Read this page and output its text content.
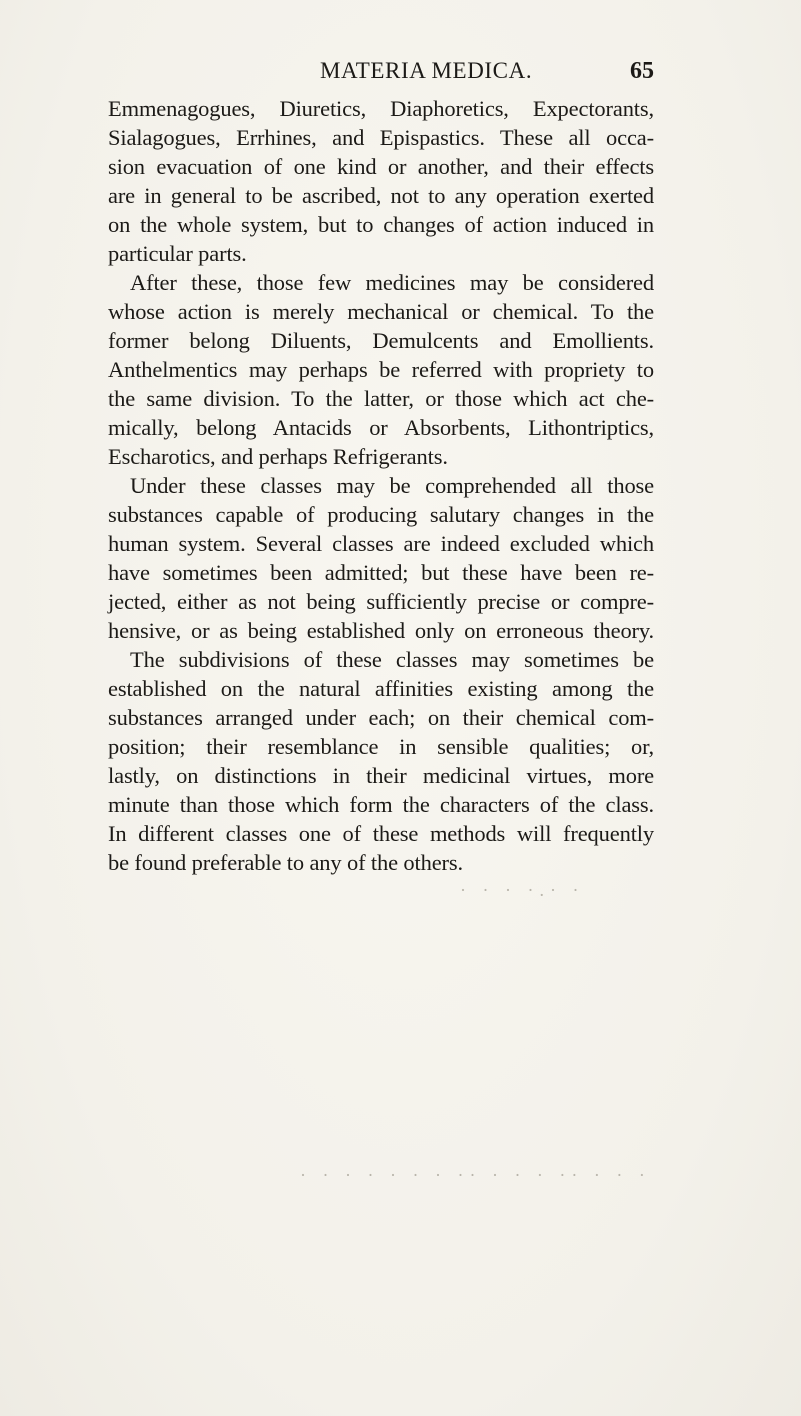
MATERIA MEDICA.	65
Emmenagogues, Diuretics, Diaphoretics, Expectorants,
Sialagogues, Errhines, and Epispastics. These all occa-
sion evacuation of one kind or another, and their effects
are in general to be ascribed, not to any operation exerted
on the whole system, but to changes of action induced in
particular parts.
After these, those few medicines may be considered
whose action is merely mechanical or chemical. To the
former belong Diluents, Demulcents and Emollients.
Anthelmentics may perhaps be referred with propriety to
the same division. To the latter, or those which act che-
mically, belong Antacids or Absorbents, Lithontriptics,
Escharotics, and perhaps Refrigerants.
Under these classes may be comprehended all those
substances capable of producing salutary changes in the
human system. Several classes are indeed excluded which
have sometimes been admitted; but these have been re-
jected, either as not being sufficiently precise or compre-
hensive, or as being established only on erroneous theory.
The subdivisions of these classes may sometimes be
established on the natural affinities existing among the
substances arranged under each; on their chemical com-
position; their resemblance in sensible qualities; or,
lastly, on distinctions in their medicinal virtues, more
minute than those which form the characters of the class.
In different classes one of these methods will frequently
be found preferable to any of the others.
· · · ·.· ·
· · · · · · · ·· · · · ·· · · ·
